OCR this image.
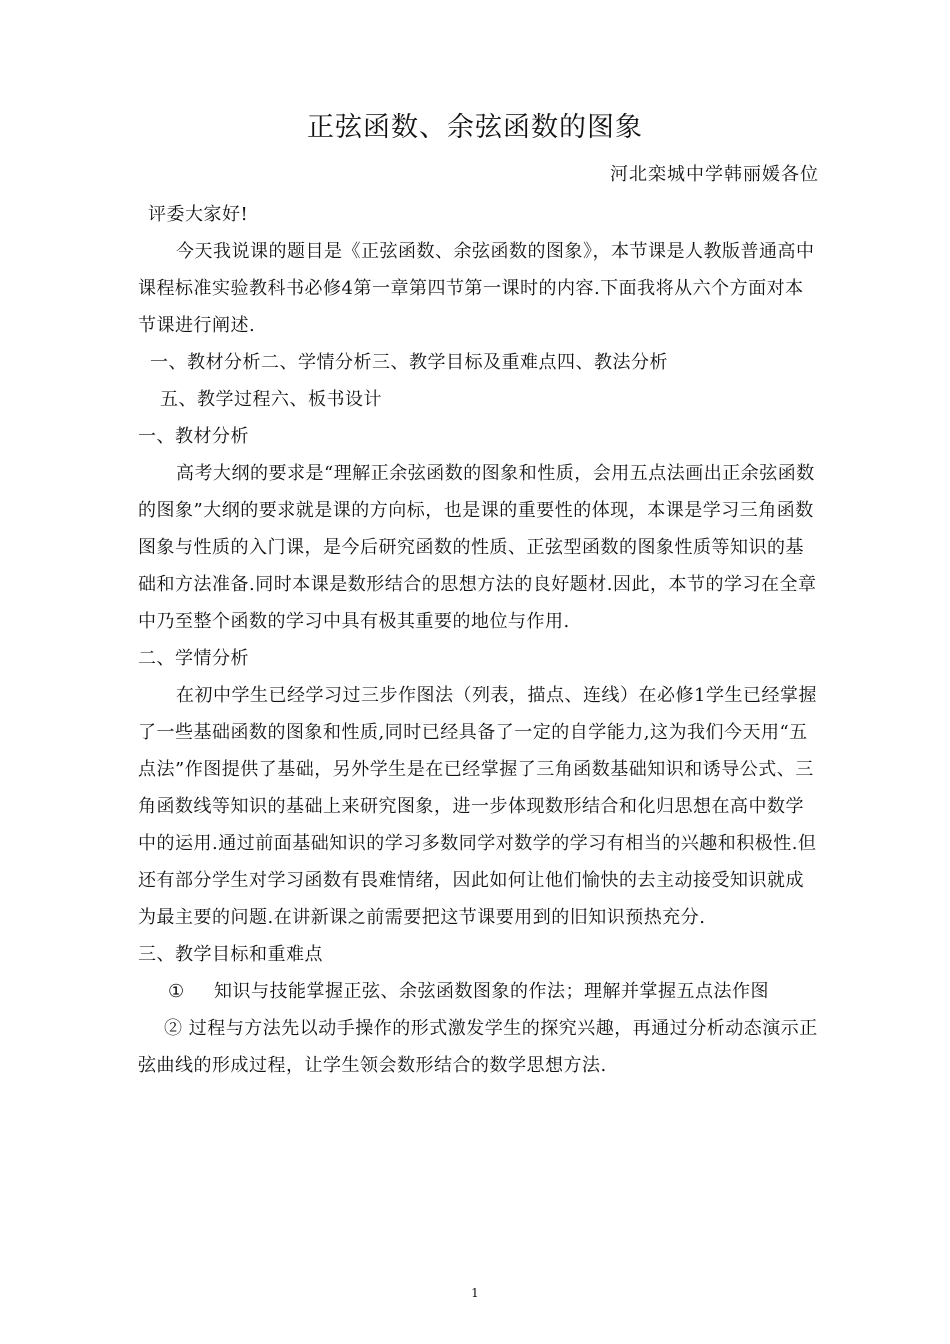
正弦函数、余弦函数的图象
河北栾城中学韩丽媛各位

评委大家好!

今天我说课的题目是《正弦函数、余弦函数的图象》，本节课是人教版普通高中课程标准实验教科书必修4第一章第四节第一课时的内容.下面我将从六个方面对本节课进行阐述.

一、教材分析二、学情分析三、教学目标及重难点四、教法分析

五、教学过程六、板书设计

一、教材分析

高考大纲的要求是“理解正余弦函数的图象和性质，会用五点法画出正余弦函数的图象”大纲的要求就是课的方向标，也是课的重要性的体现，本课是学习三角函数图象与性质的入门课，是今后研究函数的性质、正弦型函数的图象性质等知识的基础和方法准备.同时本课是数形结合的思想方法的良好题材.因此，本节的学习在全章中乃至整个函数的学习中具有极其重要的地位与作用.

二、学情分析

在初中学生已经学习过三步作图法（列表，描点、连线）在必修1学生已经掌握了一些基础函数的图象和性质,同时已经具备了一定的自学能力,这为我们今天用“五点法”作图提供了基础，另外学生是在已经掌握了三角函数基础知识和诱导公式、三角函数线等知识的基础上来研究图象，进一步体现数形结合和化归思想在高中数学中的运用.通过前面基础知识的学习多数同学对数学的学习有相当的兴趣和积极性.但还有部分学生对学习函数有畏难情绪，因此如何让他们愉快的去主动接受知识就成为最主要的问题.在讲新课之前需要把这节课要用到的旧知识预热充分.

三、教学目标和重难点

① 知识与技能掌握正弦、余弦函数图象的作法；理解并掌握五点法作图

② 过程与方法先以动手操作的形式激发学生的探究兴趣，再通过分析动态演示正弦曲线的形成过程，让学生领会数形结合的数学思想方法.

1
